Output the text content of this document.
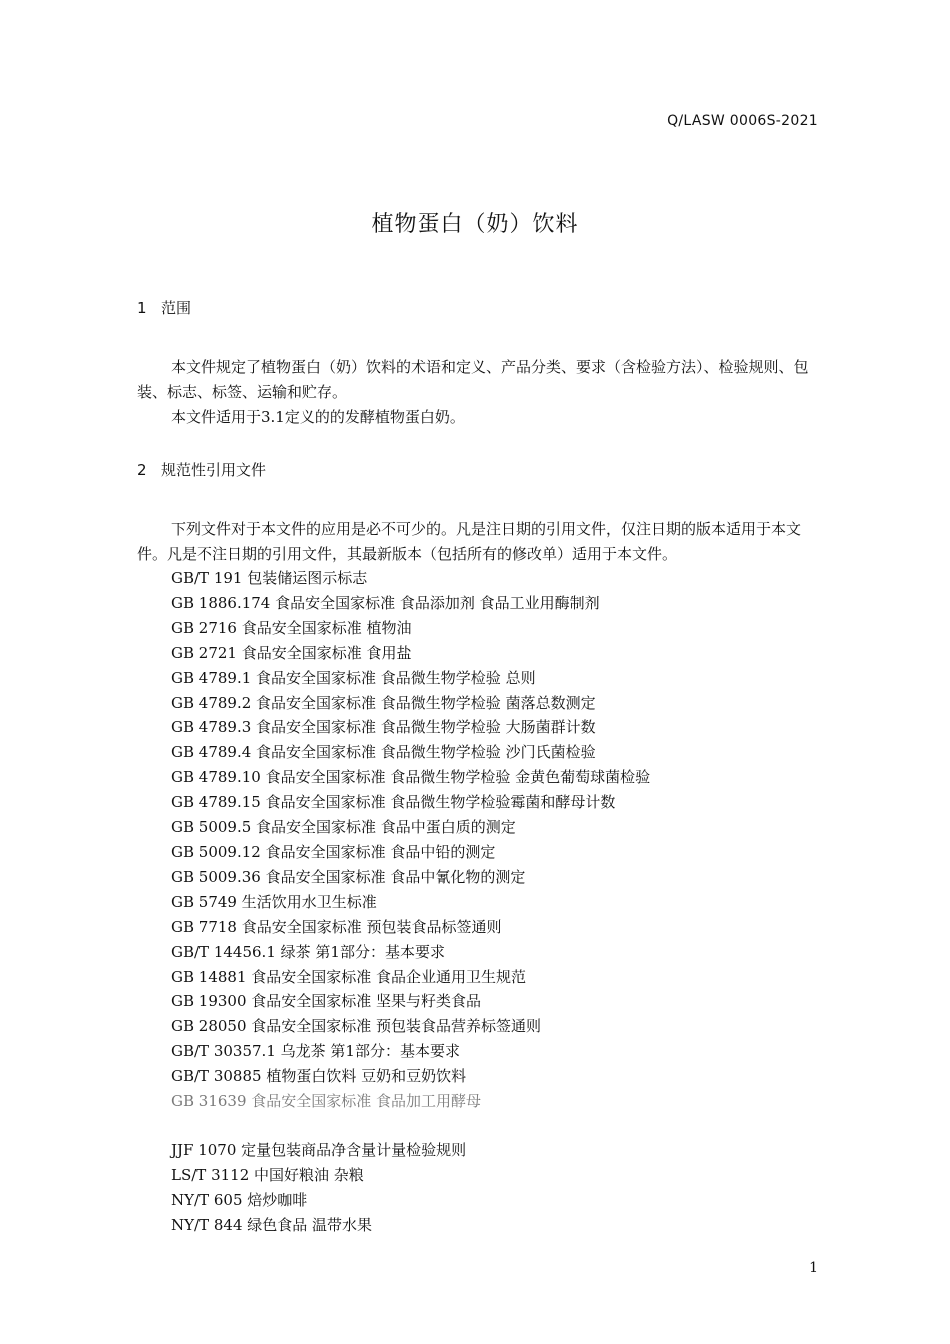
Q/LASW 0006S-2021
植物蛋白（奶）饮料
1 范围

本文件规定了植物蛋白（奶）饮料的术语和定义、产品分类、要求（含检验方法）、检验规则、包装、标志、标签、运输和贮存。

本文件适用于3.1定义的的发酵植物蛋白奶。

2 规范性引用文件

下列文件对于本文件的应用是必不可少的。凡是注日期的引用文件，仅注日期的版本适用于本文件。凡是不注日期的引用文件，其最新版本（包括所有的修改单）适用于本文件。

GB/T 191 包装储运图示标志
GB 1886.174 食品安全国家标准 食品添加剂 食品工业用酶制剂
GB 2716 食品安全国家标准 植物油
GB 2721 食品安全国家标准 食用盐
GB 4789.1 食品安全国家标准 食品微生物学检验 总则
GB 4789.2 食品安全国家标准 食品微生物学检验 菌落总数测定
GB 4789.3 食品安全国家标准 食品微生物学检验 大肠菌群计数
GB 4789.4 食品安全国家标准 食品微生物学检验 沙门氏菌检验
GB 4789.10 食品安全国家标准 食品微生物学检验 金黄色葡萄球菌检验
GB 4789.15 食品安全国家标准 食品微生物学检验霉菌和酵母计数
GB 5009.5 食品安全国家标准 食品中蛋白质的测定
GB 5009.12 食品安全国家标准 食品中铅的测定
GB 5009.36 食品安全国家标准 食品中氰化物的测定
GB 5749 生活饮用水卫生标准
GB 7718 食品安全国家标准 预包装食品标签通则
GB/T 14456.1 绿茶 第1部分：基本要求
GB 14881 食品安全国家标准 食品企业通用卫生规范
GB 19300 食品安全国家标准 坚果与籽类食品
GB 28050 食品安全国家标准 预包装食品营养标签通则
GB/T 30357.1 乌龙茶 第1部分：基本要求
GB/T 30885 植物蛋白饮料 豆奶和豆奶饮料
GB 31639 食品安全国家标准 食品加工用酵母
JJF 1070 定量包装商品净含量计量检验规则
LS/T 3112 中国好粮油 杂粮
NY/T 605 焙炒咖啡
NY/T 844 绿色食品 温带水果
1
